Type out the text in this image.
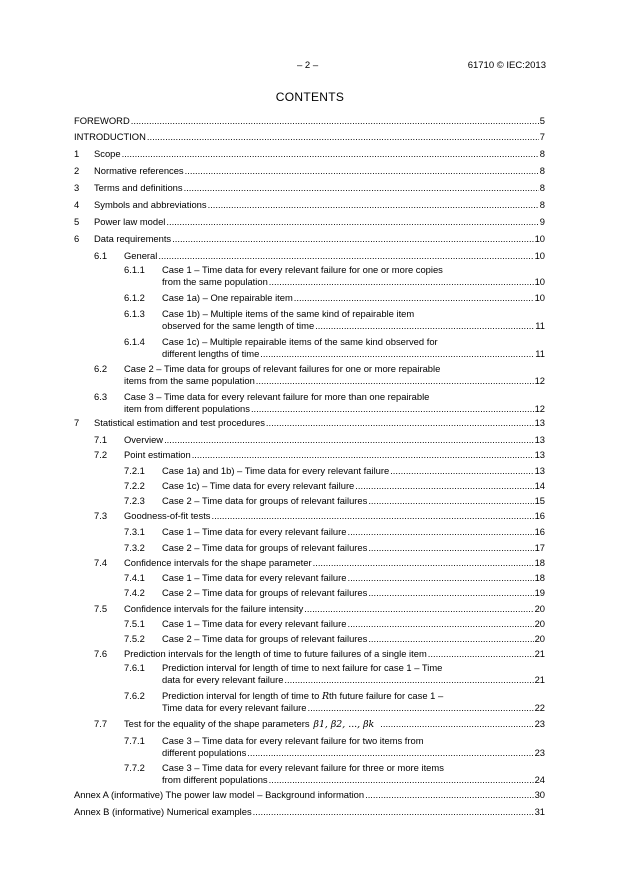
– 2 –	61710 © IEC:2013
CONTENTS
FOREWORD .....	5
INTRODUCTION .....	7
1 Scope .....	8
2 Normative references .....	8
3 Terms and definitions .....	8
4 Symbols and abbreviations .....	8
5 Power law model .....	9
6 Data requirements .....	10
6.1 General .....	10
6.1.1 Case 1 – Time data for every relevant failure for one or more copies
from the same population .....	10
6.1.2 Case 1a) – One repairable item .....	10
6.1.3 Case 1b) – Multiple items of the same kind of repairable item
observed for the same length of time .....	11
6.1.4 Case 1c) – Multiple repairable items of the same kind observed for
different lengths of time .....	11
6.2 Case 2 – Time data for groups of relevant failures for one or more repairable
items from the same population .....	12
6.3 Case 3 – Time data for every relevant failure for more than one repairable
item from different populations .....	12
7 Statistical estimation and test procedures .....	13
7.1 Overview .....	13
7.2 Point estimation .....	13
7.2.1 Case 1a) and 1b) – Time data for every relevant failure .....	13
7.2.2 Case 1c) – Time data for every relevant failure .....	14
7.2.3 Case 2 – Time data for groups of relevant failures .....	15
7.3 Goodness-of-fit tests .....	16
7.3.1 Case 1 – Time data for every relevant failure .....	16
7.3.2 Case 2 – Time data for groups of relevant failures .....	17
7.4 Confidence intervals for the shape parameter .....	18
7.4.1 Case 1 – Time data for every relevant failure .....	18
7.4.2 Case 2 – Time data for groups of relevant failures .....	19
7.5 Confidence intervals for the failure intensity .....	20
7.5.1 Case 1 – Time data for every relevant failure .....	20
7.5.2 Case 2 – Time data for groups of relevant failures .....	20
7.6 Prediction intervals for the length of time to future failures of a single item .....	21
7.6.1 Prediction interval for length of time to next failure for case 1 – Time
data for every relevant failure .....	21
7.6.2 Prediction interval for length of time to Rth future failure for case 1 –
Time data for every relevant failure .....	22
7.7 Test for the equality of the shape parameters β1, β2, ..., βk .....	23
7.7.1 Case 3 – Time data for every relevant failure for two items from
different populations .....	23
7.7.2 Case 3 – Time data for every relevant failure for three or more items
from different populations .....	24
Annex A (informative) The power law model – Background information .....	30
Annex B (informative) Numerical examples .....	31
